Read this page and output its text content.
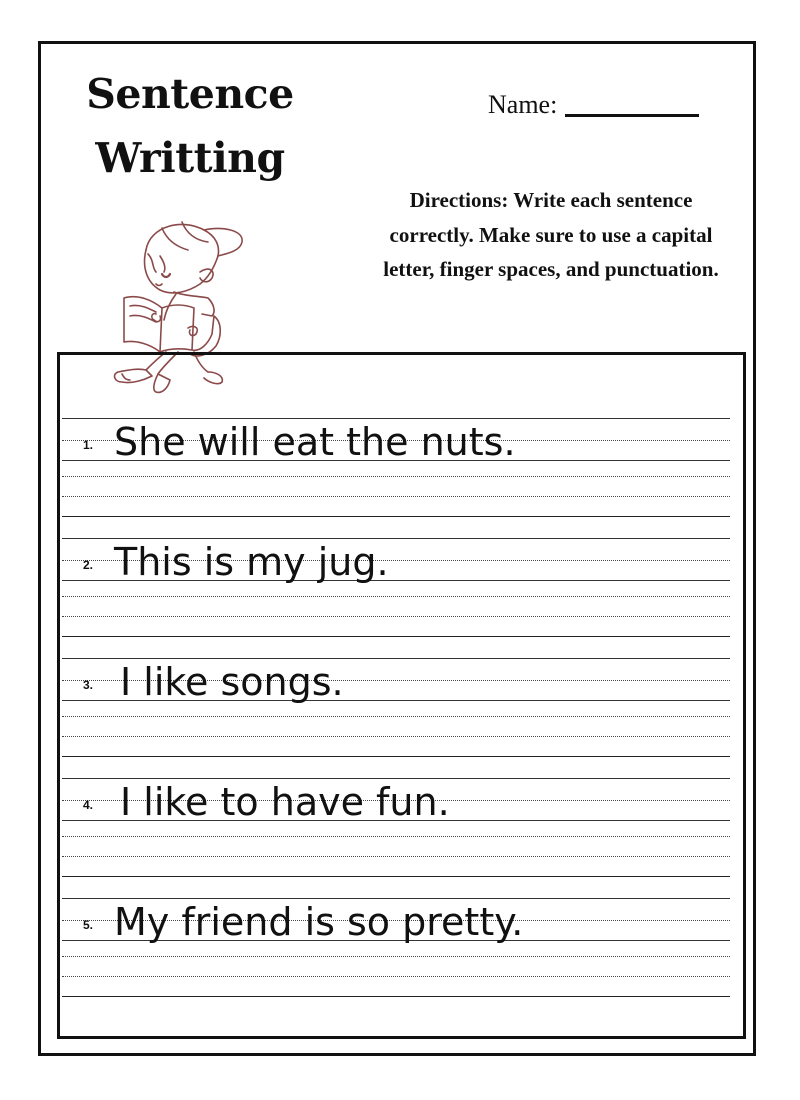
Sentence
Writting
Name:
Directions: Write each sentence correctly. Make sure to use a capital letter, finger spaces, and punctuation.
1. She will eat the nuts.
2. This is my jug.
3. I like songs.
4. I like to have fun.
5. My friend is so pretty.
